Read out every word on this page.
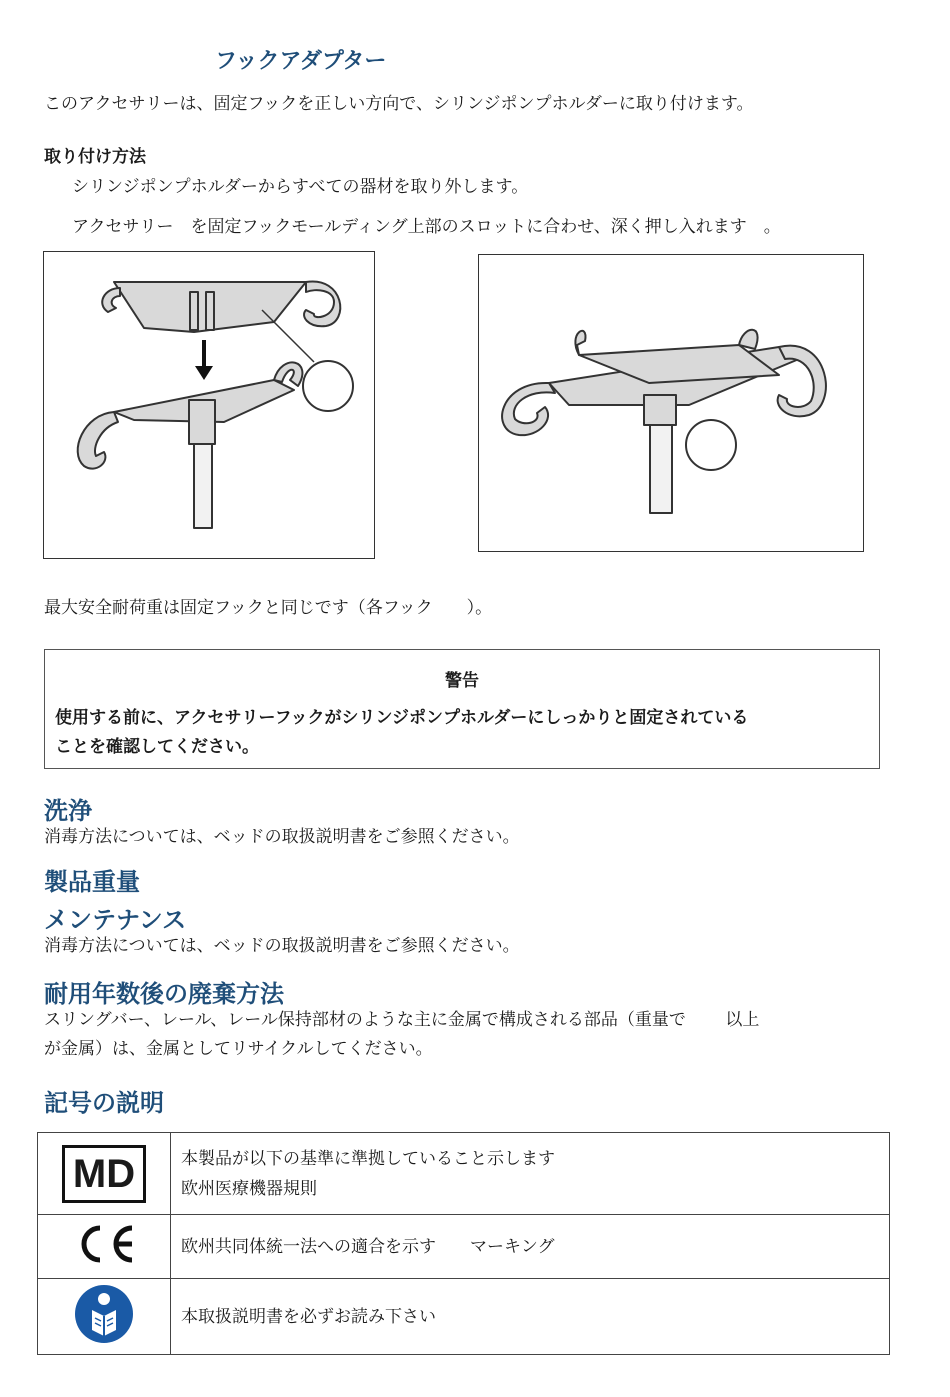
フックアダプター
このアクセサリーは、固定フックを正しい方向で、シリンジポンプホルダーに取り付けます。
取り付け方法
シリンジポンプホルダーからすべての器材を取り外します。
アクセサリー　を固定フックモールディング上部のスロットに合わせ、深く押し入れます　。
最大安全耐荷重は固定フックと同じです（各フック　　）。
警告
使用する前に、アクセサリーフックがシリンジポンプホルダーにしっかりと固定されている
ことを確認してください。
洗浄
消毒方法については、ベッドの取扱説明書をご参照ください。
製品重量
メンテナンス
消毒方法については、ベッドの取扱説明書をご参照ください。
耐用年数後の廃棄方法
スリングバー、レール、レール保持部材のような主に金属で構成される部品（重量で　　 以上
が金属）は、金属としてリサイクルしてください。
記号の説明
MD	本製品が以下の基準に準拠していること示します
欧州医療機器規則

	欧州共同体統一法への適合を示す　　マーキング
	本取扱説明書を必ずお読み下さい
